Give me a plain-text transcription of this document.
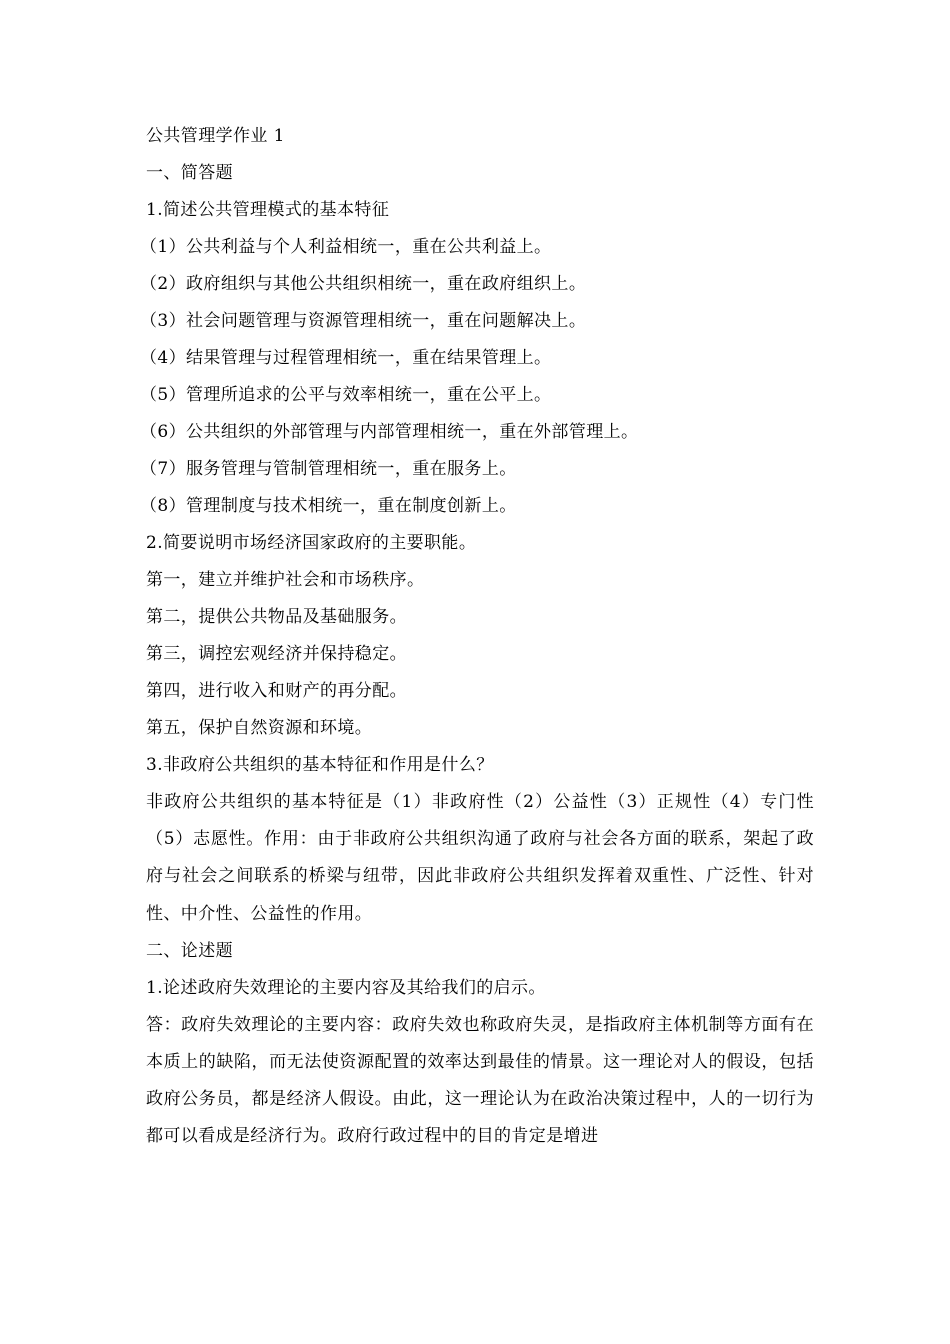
公共管理学作业 1
一、简答题
1.简述公共管理模式的基本特征
（1）公共利益与个人利益相统一，重在公共利益上。
（2）政府组织与其他公共组织相统一，重在政府组织上。
（3）社会问题管理与资源管理相统一，重在问题解决上。
（4）结果管理与过程管理相统一，重在结果管理上。
（5）管理所追求的公平与效率相统一，重在公平上。
（6）公共组织的外部管理与内部管理相统一，重在外部管理上。
（7）服务管理与管制管理相统一，重在服务上。
（8）管理制度与技术相统一，重在制度创新上。
2.简要说明市场经济国家政府的主要职能。
第一，建立并维护社会和市场秩序。
第二，提供公共物品及基础服务。
第三，调控宏观经济并保持稳定。
第四，进行收入和财产的再分配。
第五，保护自然资源和环境。
3.非政府公共组织的基本特征和作用是什么？
非政府公共组织的基本特征是（1）非政府性（2）公益性（3）正规性（4）专门性（5）志愿性。作用：由于非政府公共组织沟通了政府与社会各方面的联系，架起了政府与社会之间联系的桥梁与纽带，因此非政府公共组织发挥着双重性、广泛性、针对性、中介性、公益性的作用。
二、论述题
1.论述政府失效理论的主要内容及其给我们的启示。
答：政府失效理论的主要内容：政府失效也称政府失灵，是指政府主体机制等方面有在本质上的缺陷，而无法使资源配置的效率达到最佳的情景。这一理论对人的假设，包括政府公务员，都是经济人假设。由此，这一理论认为在政治决策过程中，人的一切行为都可以看成是经济行为。政府行政过程中的目的肯定是增进
